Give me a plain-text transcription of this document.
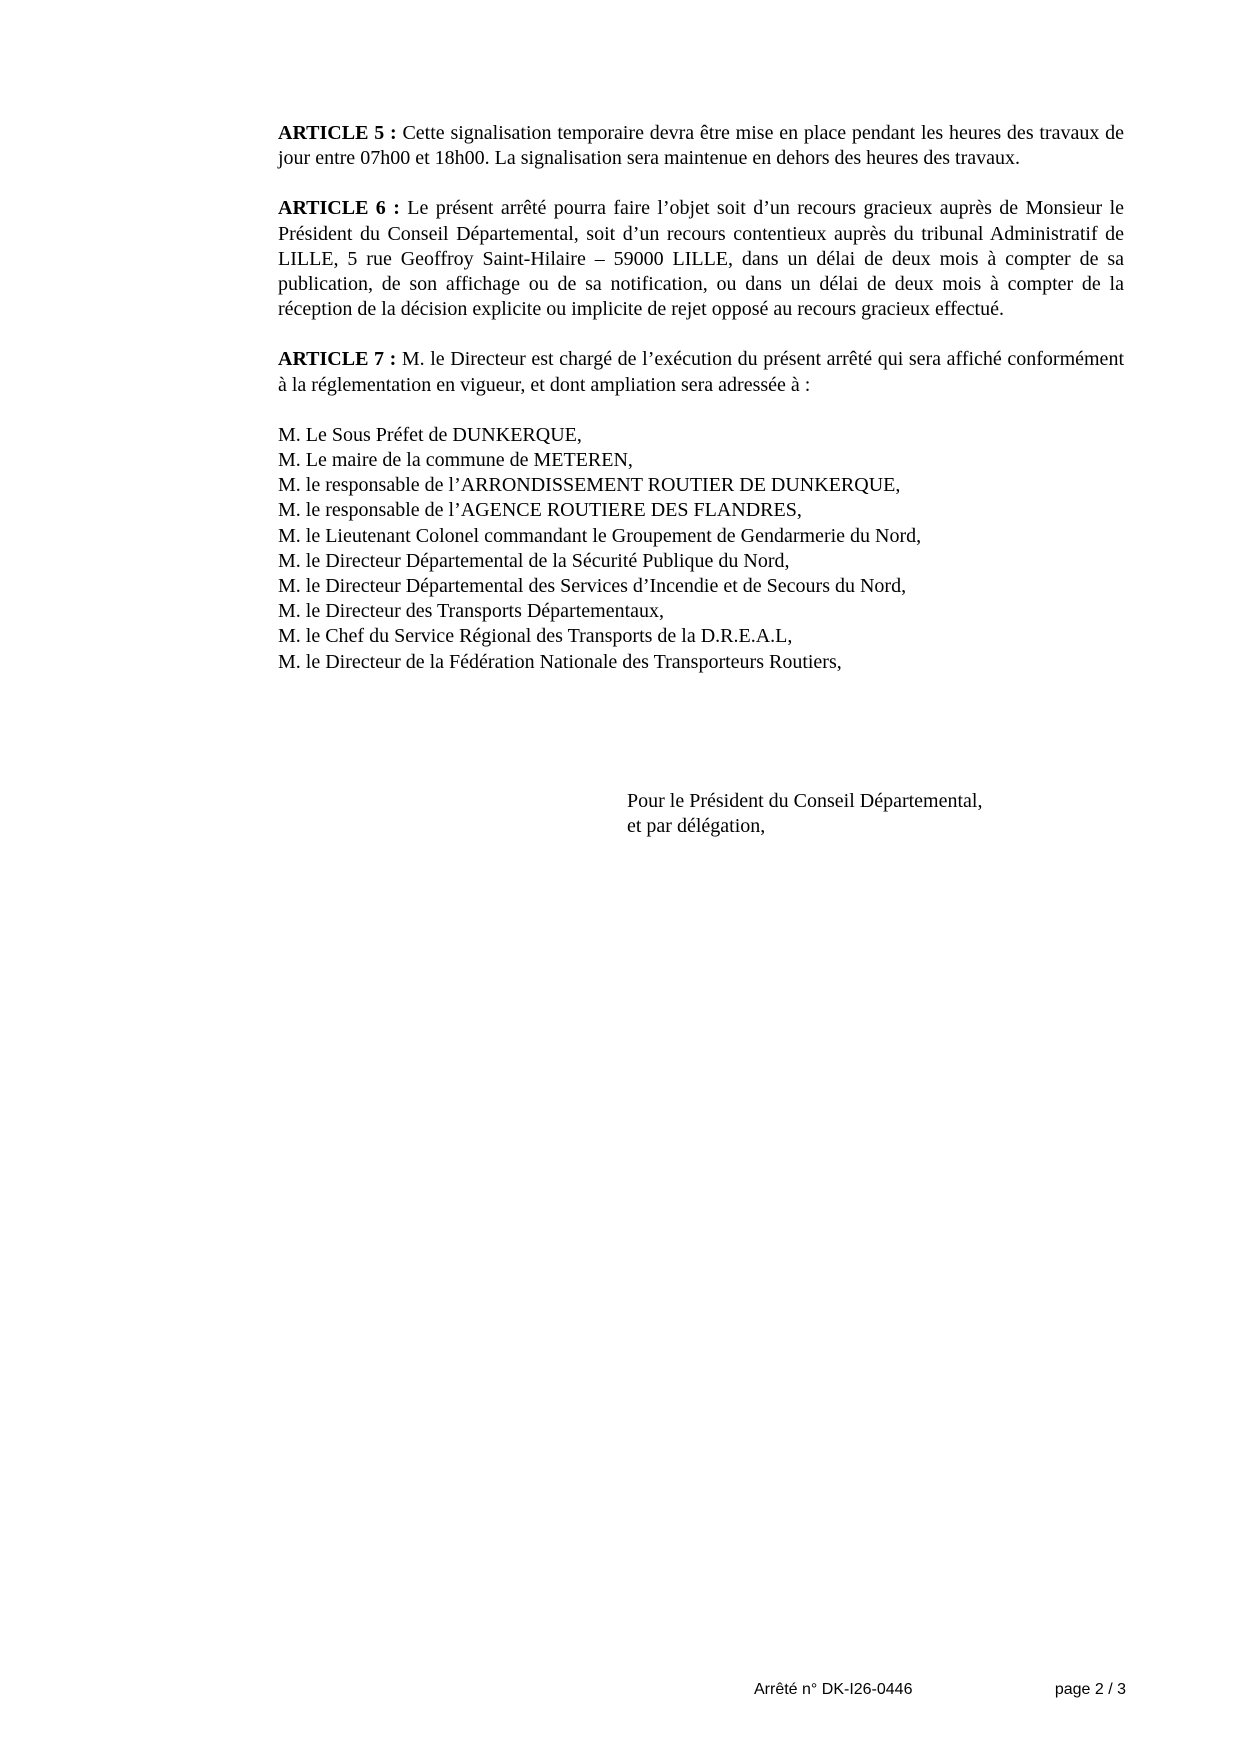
ARTICLE 5 : Cette signalisation temporaire devra être mise en place pendant les heures des travaux de jour entre 07h00 et 18h00. La signalisation sera maintenue en dehors des heures des travaux.

ARTICLE 6 : Le présent arrêté pourra faire l’objet soit d’un recours gracieux auprès de Monsieur le Président du Conseil Départemental, soit d’un recours contentieux auprès du tribunal Administratif de LILLE, 5 rue Geoffroy Saint-Hilaire – 59000 LILLE, dans un délai de deux mois à compter de sa publication, de son affichage ou de sa notification, ou dans un délai de deux mois à compter de la réception de la décision explicite ou implicite de rejet opposé au recours gracieux effectué.

ARTICLE 7 : M. le Directeur est chargé de l’exécution du présent arrêté qui sera affiché conformément à la réglementation en vigueur, et dont ampliation sera adressée à :

M. Le Sous Préfet de DUNKERQUE,
M. Le maire de la commune de METEREN,
M. le responsable de l’ARRONDISSEMENT ROUTIER DE DUNKERQUE,
M. le responsable de l’AGENCE ROUTIERE DES FLANDRES,
M. le Lieutenant Colonel commandant le Groupement de Gendarmerie du Nord,
M. le Directeur Départemental de la Sécurité Publique du Nord,
M. le Directeur Départemental des Services d’Incendie et de Secours du Nord,
M. le Directeur des Transports Départementaux,
M. le Chef du Service Régional des Transports de la D.R.E.A.L,
M. le Directeur de la Fédération Nationale des Transporteurs Routiers,
Pour le Président du Conseil Départemental,
et par délégation,
Arrêté n° DK-I26-0446	page 2 / 3
